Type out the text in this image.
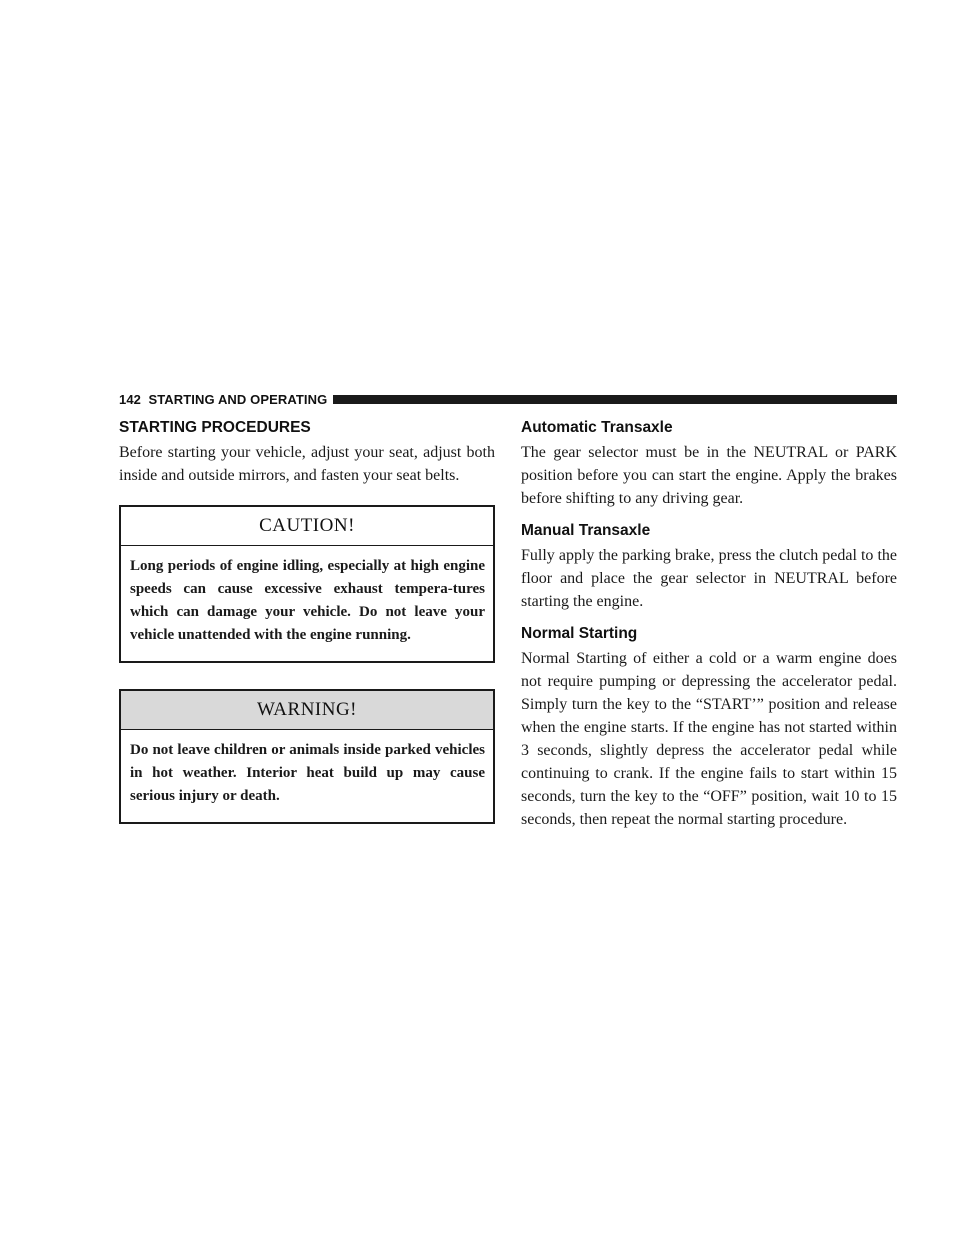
142 STARTING AND OPERATING
STARTING PROCEDURES

Before starting your vehicle, adjust your seat, adjust both inside and outside mirrors, and fasten your seat belts.

CAUTION!
Long periods of engine idling, especially at high engine speeds can cause excessive exhaust tempera-tures which can damage your vehicle. Do not leave your vehicle unattended with the engine running.
WARNING!
Do not leave children or animals inside parked vehicles in hot weather. Interior heat build up may cause serious injury or death.
Automatic Transaxle

The gear selector must be in the NEUTRAL or PARK position before you can start the engine. Apply the brakes before shifting to any driving gear.

Manual Transaxle

Fully apply the parking brake, press the clutch pedal to the floor and place the gear selector in NEUTRAL before starting the engine.

Normal Starting

Normal Starting of either a cold or a warm engine does not require pumping or depressing the accelerator pedal. Simply turn the key to the “START’” position and release when the engine starts. If the engine has not started within 3 seconds, slightly depress the accelerator pedal while continuing to crank. If the engine fails to start within 15 seconds, turn the key to the “OFF” position, wait 10 to 15 seconds, then repeat the normal starting procedure.
